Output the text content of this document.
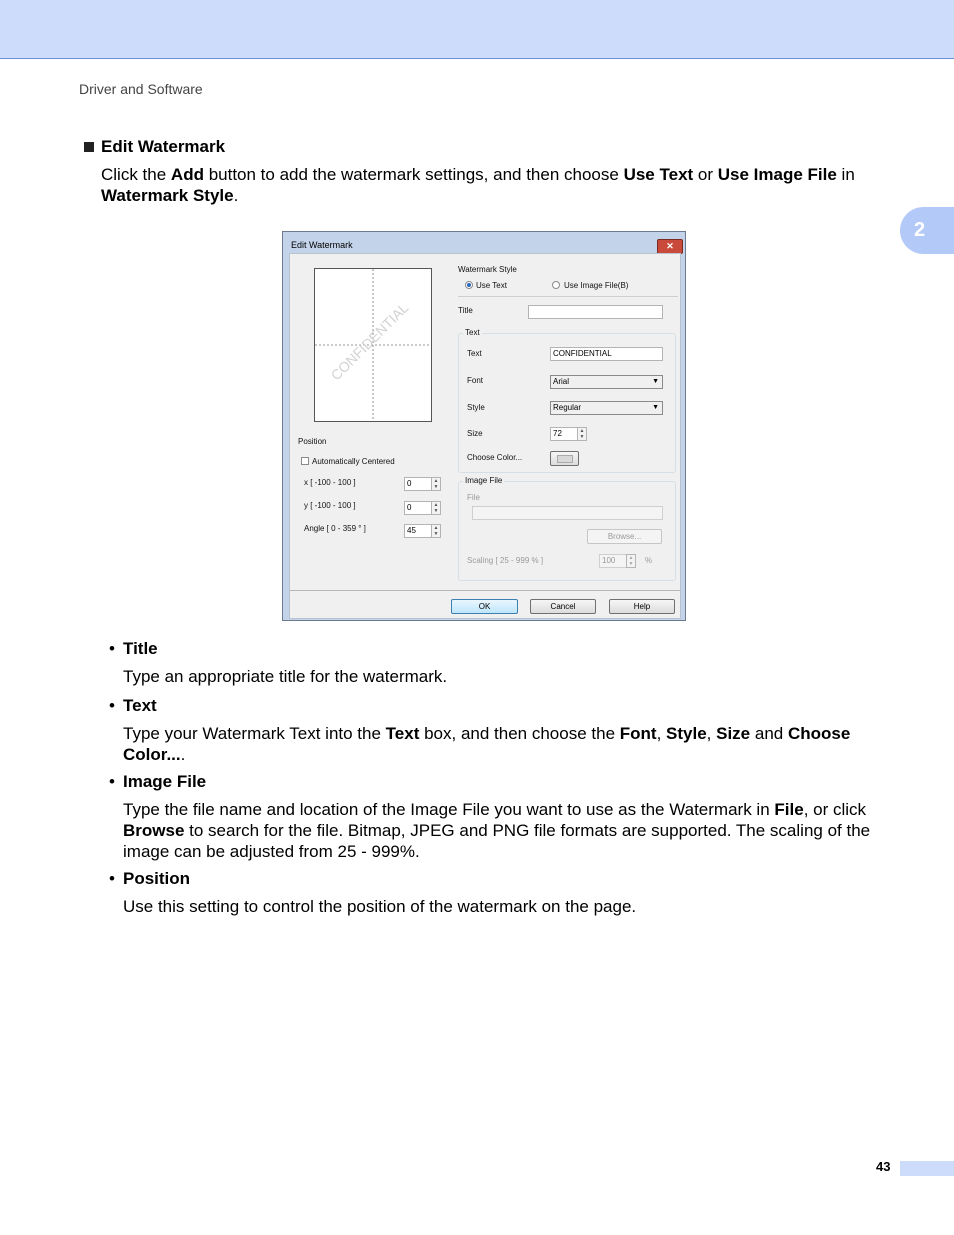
Driver and Software
2
Edit Watermark
Click the Add button to add the watermark settings, and then choose Use Text or Use Image File in Watermark Style.
Edit Watermark	✕
CONFIDENTIAL
Position
Automatically Centered
x [ -100 - 100 ]	0	▲
▼
y [ -100 - 100 ]	0	▲
▼
Angle [ 0 - 359 ° ]	45	▲
▼
Watermark Style
Use Text	Use Image File(B)
Title
Text
Text	CONFIDENTIAL
Font	Arial	▼
Style	Regular	▼
Size	72	▲
▼
Choose Color...
Image File
File
Browse...
Scaling [ 25 - 999 % ]	100	▲
▼	%
OK	Cancel	Help
• Title
Type an appropriate title for the watermark.
• Text
Type your Watermark Text into the Text box, and then choose the Font, Style, Size and Choose Color....
• Image File
Type the file name and location of the Image File you want to use as the Watermark in File, or click Browse to search for the file. Bitmap, JPEG and PNG file formats are supported. The scaling of the image can be adjusted from 25 - 999%.
• Position
Use this setting to control the position of the watermark on the page.
43
